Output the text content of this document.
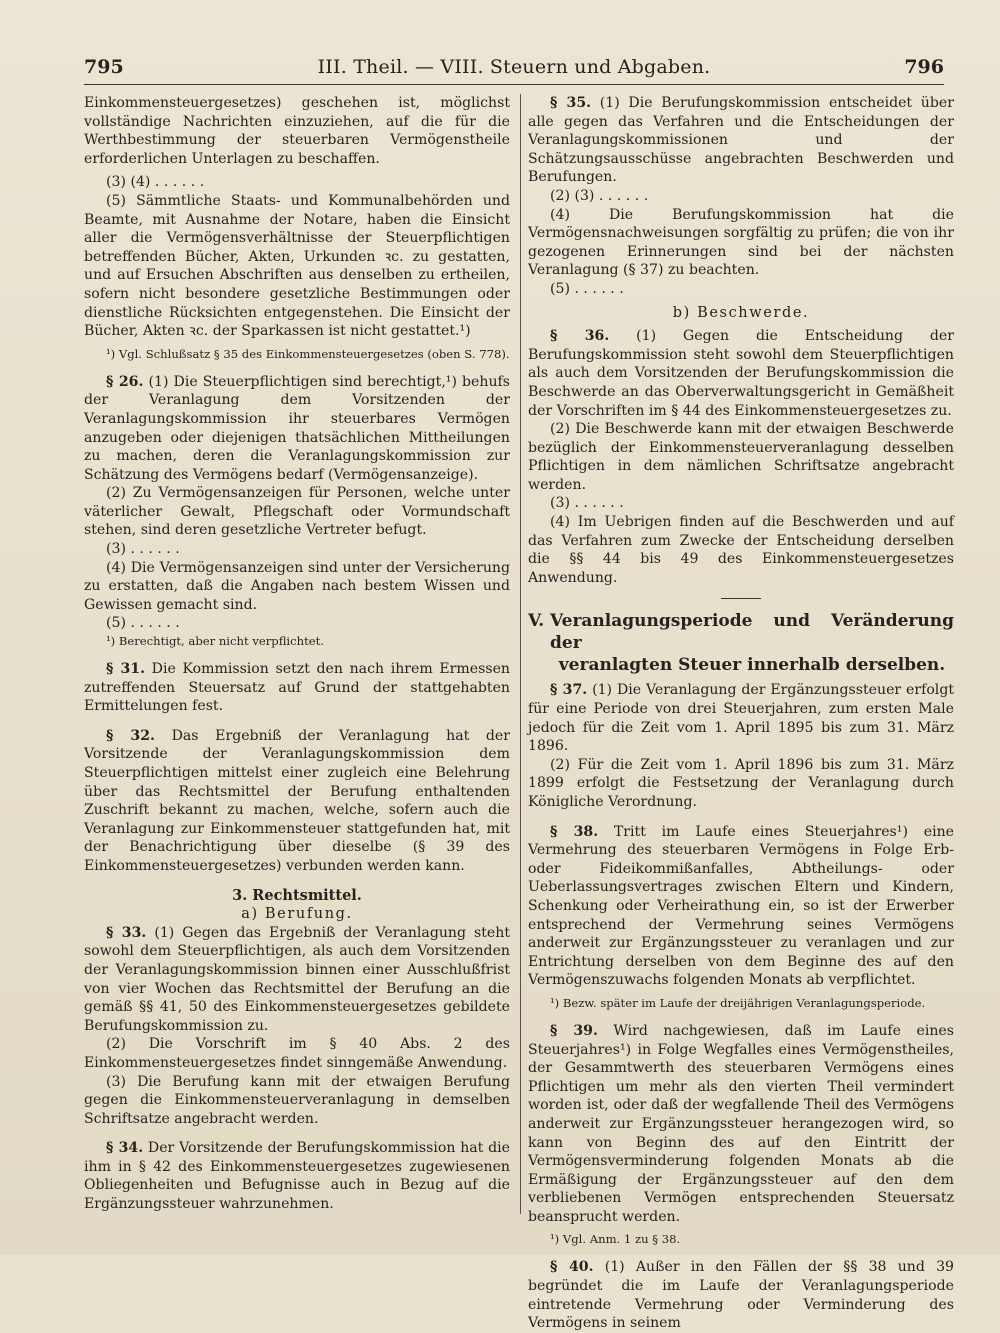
795	III. Theil. — VIII. Steuern und Abgaben.	796

Einkommensteuergesetzes) geschehen ist, möglichst vollständige Nachrichten einzuziehen, auf die für die Werthbestimmung der steuerbaren Vermögenstheile erforderlichen Unterlagen zu beschaffen.

(3) (4) . . . . . .

(5) Sämmtliche Staats- und Kommunalbehörden und Beamte, mit Ausnahme der Notare, haben die Einsicht aller die Vermögensverhältnisse der Steuerpflichtigen betreffenden Bücher, Akten, Urkunden ꝛc. zu gestatten, und auf Ersuchen Abschriften aus denselben zu ertheilen, sofern nicht besondere gesetzliche Bestimmungen oder dienstliche Rücksichten entgegenstehen. Die Einsicht der Bücher, Akten ꝛc. der Sparkassen ist nicht gestattet.¹)

¹) Vgl. Schlußsatz § 35 des Einkommensteuergesetzes (oben S. 778).

§ 26. (1) Die Steuerpflichtigen sind berechtigt,¹) behufs der Veranlagung dem Vorsitzenden der Veranlagungskommission ihr steuerbares Vermögen anzugeben oder diejenigen thatsächlichen Mittheilungen zu machen, deren die Veranlagungskommission zur Schätzung des Vermögens bedarf (Vermögensanzeige).

(2) Zu Vermögensanzeigen für Personen, welche unter väterlicher Gewalt, Pflegschaft oder Vormundschaft stehen, sind deren gesetzliche Vertreter befugt.

(3) . . . . . .

(4) Die Vermögensanzeigen sind unter der Versicherung zu erstatten, daß die Angaben nach bestem Wissen und Gewissen gemacht sind.

(5) . . . . . .

¹) Berechtigt, aber nicht verpflichtet.

§ 31. Die Kommission setzt den nach ihrem Ermessen zutreffenden Steuersatz auf Grund der stattgehabten Ermittelungen fest.

§ 32. Das Ergebniß der Veranlagung hat der Vorsitzende der Veranlagungskommission dem Steuerpflichtigen mittelst einer zugleich eine Belehrung über das Rechtsmittel der Berufung enthaltenden Zuschrift bekannt zu machen, welche, sofern auch die Veranlagung zur Einkommensteuer stattgefunden hat, mit der Benachrichtigung über dieselbe (§ 39 des Einkommensteuergesetzes) verbunden werden kann.

3. Rechtsmittel.

a) Berufung.

§ 33. (1) Gegen das Ergebniß der Veranlagung steht sowohl dem Steuerpflichtigen, als auch dem Vorsitzenden der Veranlagungskommission binnen einer Ausschlußfrist von vier Wochen das Rechtsmittel der Berufung an die gemäß §§ 41, 50 des Einkommensteuergesetzes gebildete Berufungskommission zu.

(2) Die Vorschrift im § 40 Abs. 2 des Einkommensteuergesetzes findet sinngemäße Anwendung.

(3) Die Berufung kann mit der etwaigen Berufung gegen die Einkommensteuerveranlagung in demselben Schriftsatze angebracht werden.

§ 34. Der Vorsitzende der Berufungskommission hat die ihm in § 42 des Einkommensteuergesetzes zugewiesenen Obliegenheiten und Befugnisse auch in Bezug auf die Ergänzungssteuer wahrzunehmen.

§ 35. (1) Die Berufungskommission entscheidet über alle gegen das Verfahren und die Entscheidungen der Veranlagungskommissionen und der Schätzungsausschüsse angebrachten Beschwerden und Berufungen.

(2) (3) . . . . . .

(4) Die Berufungskommission hat die Vermögensnachweisungen sorgfältig zu prüfen; die von ihr gezogenen Erinnerungen sind bei der nächsten Veranlagung (§ 37) zu beachten.

(5) . . . . . .

b) Beschwerde.

§ 36. (1) Gegen die Entscheidung der Berufungskommission steht sowohl dem Steuerpflichtigen als auch dem Vorsitzenden der Berufungskommission die Beschwerde an das Oberverwaltungsgericht in Gemäßheit der Vorschriften im § 44 des Einkommensteuergesetzes zu.

(2) Die Beschwerde kann mit der etwaigen Beschwerde bezüglich der Einkommensteuerveranlagung desselben Pflichtigen in dem nämlichen Schriftsatze angebracht werden.

(3) . . . . . .

(4) Im Uebrigen finden auf die Beschwerden und auf das Verfahren zum Zwecke der Entscheidung derselben die §§ 44 bis 49 des Einkommensteuergesetzes Anwendung.

V. Veranlagungsperiode und Veränderung der
veranlagten Steuer innerhalb derselben.

§ 37. (1) Die Veranlagung der Ergänzungssteuer erfolgt für eine Periode von drei Steuerjahren, zum ersten Male jedoch für die Zeit vom 1. April 1895 bis zum 31. März 1896.

(2) Für die Zeit vom 1. April 1896 bis zum 31. März 1899 erfolgt die Festsetzung der Veranlagung durch Königliche Verordnung.

§ 38. Tritt im Laufe eines Steuerjahres¹) eine Vermehrung des steuerbaren Vermögens in Folge Erb- oder Fideikommißanfalles, Abtheilungs- oder Ueberlassungsvertrages zwischen Eltern und Kindern, Schenkung oder Verheirathung ein, so ist der Erwerber entsprechend der Vermehrung seines Vermögens anderweit zur Ergänzungssteuer zu veranlagen und zur Entrichtung derselben von dem Beginne des auf den Vermögenszuwachs folgenden Monats ab verpflichtet.

¹) Bezw. später im Laufe der dreijährigen Veranlagungsperiode.

§ 39. Wird nachgewiesen, daß im Laufe eines Steuerjahres¹) in Folge Wegfalles eines Vermögenstheiles, der Gesammtwerth des steuerbaren Vermögens eines Pflichtigen um mehr als den vierten Theil vermindert worden ist, oder daß der wegfallende Theil des Vermögens anderweit zur Ergänzungssteuer herangezogen wird, so kann von Beginn des auf den Eintritt der Vermögensverminderung folgenden Monats ab die Ermäßigung der Ergänzungssteuer auf den dem verbliebenen Vermögen entsprechenden Steuersatz beansprucht werden.

¹) Vgl. Anm. 1 zu § 38.

§ 40. (1) Außer in den Fällen der §§ 38 und 39 begründet die im Laufe der Veranlagungsperiode eintretende Vermehrung oder Verminderung des Vermögens in seinem
